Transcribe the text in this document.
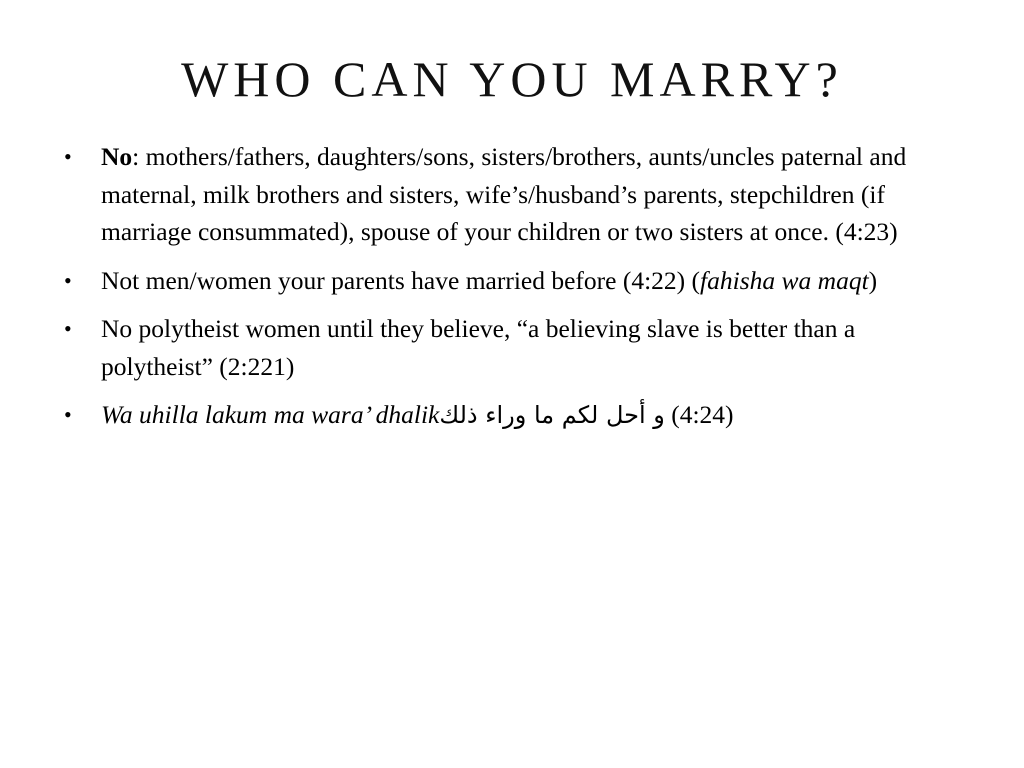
WHO CAN YOU MARRY?
• No: mothers/fathers, daughters/sons, sisters/brothers, aunts/uncles paternal and maternal, milk brothers and sisters, wife’s/husband’s parents, stepchildren (if marriage consummated), spouse of your children or two sisters at once. (4:23)
• Not men/women your parents have married before (4:22) (fahisha wa maqt)
• No polytheist women until they believe, “a believing slave is better than a polytheist” (2:221)
• Wa uhilla lakum ma wara’ dhalikو أحل لكم ما وراء ذلك (4:24)
